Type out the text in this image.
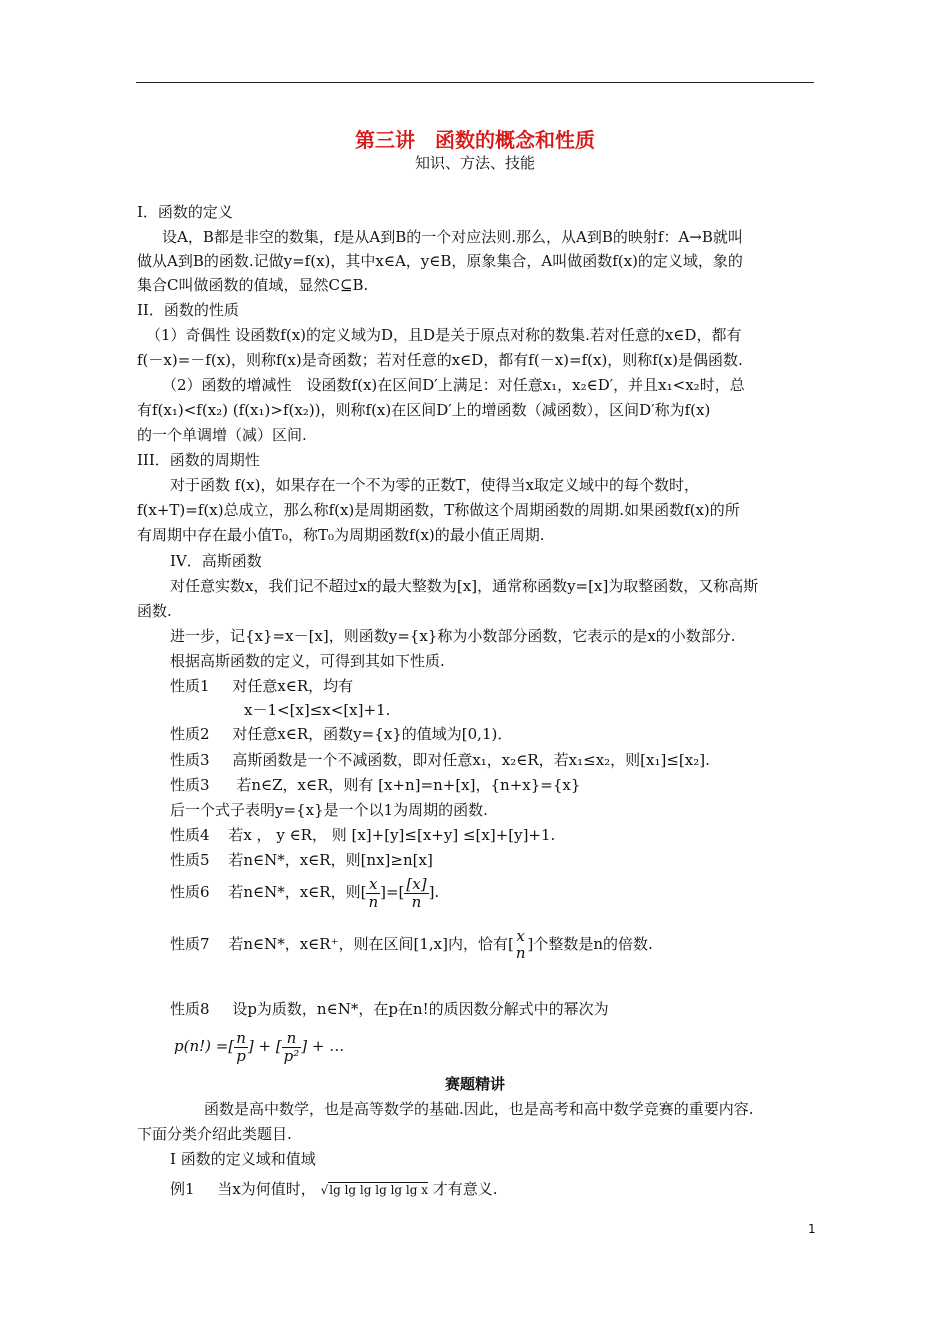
第三讲　函数的概念和性质
知识、方法、技能
I．函数的定义
设A，B都是非空的数集，f是从A到B的一个对应法则.那么，从A到B的映射f：A→B就叫
做从A到B的函数.记做y=f(x)，其中x∈A，y∈B，原象集合，A叫做函数f(x)的定义域，象的
集合C叫做函数的值域，显然C⊆B.
II．函数的性质
（1）奇偶性 设函数f(x)的定义域为D，且D是关于原点对称的数集.若对任意的x∈D，都有
f(－x)=－f(x)，则称f(x)是奇函数；若对任意的x∈D，都有f(－x)=f(x)，则称f(x)是偶函数.
（2）函数的增减性　设函数f(x)在区间D′上满足：对任意x₁，x₂∈D′，并且x₁<x₂时，总
有f(x₁)<f(x₂) (f(x₁)>f(x₂))，则称f(x)在区间D′上的增函数（减函数），区间D′称为f(x)
的一个单调增（减）区间.
III．函数的周期性
对于函数 f(x)，如果存在一个不为零的正数T，使得当x取定义域中的每个数时，
f(x+T)=f(x)总成立，那么称f(x)是周期函数，T称做这个周期函数的周期.如果函数f(x)的所
有周期中存在最小值T₀，称T₀为周期函数f(x)的最小值正周期.
IV．高斯函数
对任意实数x，我们记不超过x的最大整数为[x]，通常称函数y=[x]为取整函数，又称高斯
函数.
进一步，记{x}=x－[x]，则函数y={x}称为小数部分函数，它表示的是x的小数部分.
根据高斯函数的定义，可得到其如下性质.
性质1 对任意x∈R，均有
x－1<[x]≤x<[x]+1.
性质2 对任意x∈R，函数y={x}的值域为[0,1)．
性质3 高斯函数是一个不减函数，即对任意x₁，x₂∈R，若x₁≤x₂，则[x₁]≤[x₂].
性质3 若n∈Z，x∈R，则有 [x+n]=n+[x]，{n+x}={x}
后一个式子表明y={x}是一个以1为周期的函数.
性质4 若x ， y ∈R， 则 [x]+[y]≤[x+y] ≤[x]+[y]+1.
性质5 若n∈N*，x∈R，则[nx]≥n[x]
性质6 若n∈N*，x∈R，则[ $\frac{x}{n}$ ]=[ $\frac{[x]}{n}$ ].
性质7 若n∈N*，x∈R⁺，则在区间[1,x]内，恰有[ x
n ]个整数是n的倍数.
性质8 设p为质数，n∈N*，在p在n!的质因数分解式中的幂次为
p(n!) =[ $\frac{n}{p}$ ] + [ $\frac{n}{\text{p²}}$ ] + …
赛题精讲
函数是高中数学，也是高等数学的基础.因此，也是高考和高中数学竞赛的重要内容.
下面分类介绍此类题目.
I 函数的定义域和值域
例1 当x为何值时， √lg lg lg lg lg lg x 才有意义.
1
